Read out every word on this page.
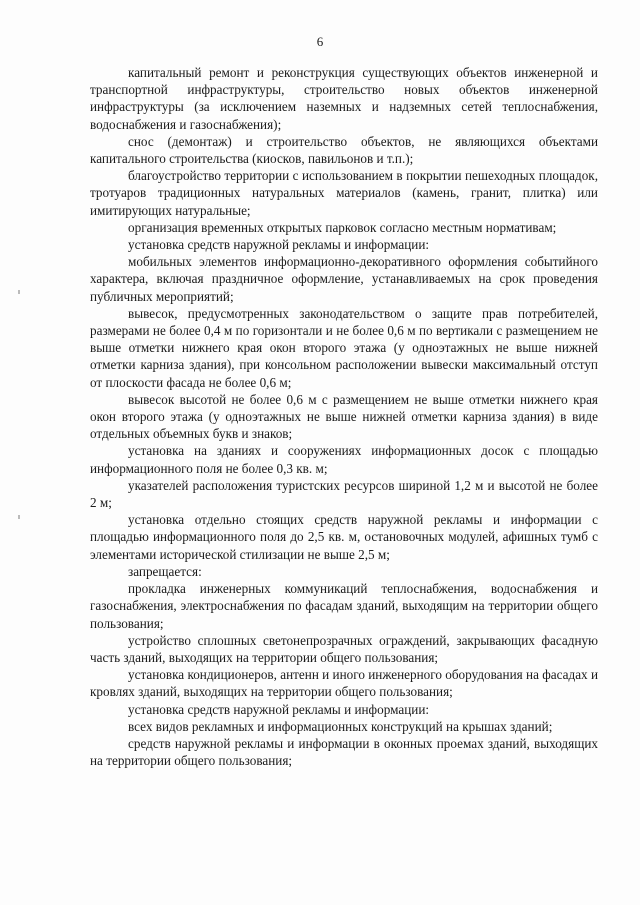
6

капитальный ремонт и реконструкция существующих объектов инженерной и транспортной инфраструктуры, строительство новых объектов инженерной инфраструктуры (за исключением наземных и надземных сетей теплоснабжения, водоснабжения и газоснабжения);

снос (демонтаж) и строительство объектов, не являющихся объектами капитального строительства (киосков, павильонов и т.п.);

благоустройство территории с использованием в покрытии пешеходных площадок, тротуаров традиционных натуральных материалов (камень, гранит, плитка) или имитирующих натуральные;

организация временных открытых парковок согласно местным нормативам;

установка средств наружной рекламы и информации:

мобильных элементов информационно-декоративного оформления событийного характера, включая праздничное оформление, устанавливаемых на срок проведения публичных мероприятий;

вывесок, предусмотренных законодательством о защите прав потребителей, размерами не более 0,4 м по горизонтали и не более 0,6 м по вертикали с размещением не выше отметки нижнего края окон второго этажа (у одноэтажных не выше нижней отметки карниза здания), при консольном расположении вывески максимальный отступ от плоскости фасада не более 0,6 м;

вывесок высотой не более 0,6 м с размещением не выше отметки нижнего края окон второго этажа (у одноэтажных не выше нижней отметки карниза здания) в виде отдельных объемных букв и знаков;

установка на зданиях и сооружениях информационных досок с площадью информационного поля не более 0,3 кв. м;

указателей расположения туристских ресурсов шириной 1,2 м и высотой не более 2 м;

установка отдельно стоящих средств наружной рекламы и информации с площадью информационного поля до 2,5 кв. м, остановочных модулей, афишных тумб с элементами исторической стилизации не выше 2,5 м;

запрещается:

прокладка инженерных коммуникаций теплоснабжения, водоснабжения и газоснабжения, электроснабжения по фасадам зданий, выходящим на территории общего пользования;

устройство сплошных светонепрозрачных ограждений, закрывающих фасадную часть зданий, выходящих на территории общего пользования;

установка кондиционеров, антенн и иного инженерного оборудования на фасадах и кровлях зданий, выходящих на территории общего пользования;

установка средств наружной рекламы и информации:

всех видов рекламных и информационных конструкций на крышах зданий;

средств наружной рекламы и информации в оконных проемах зданий, выходящих на территории общего пользования;
